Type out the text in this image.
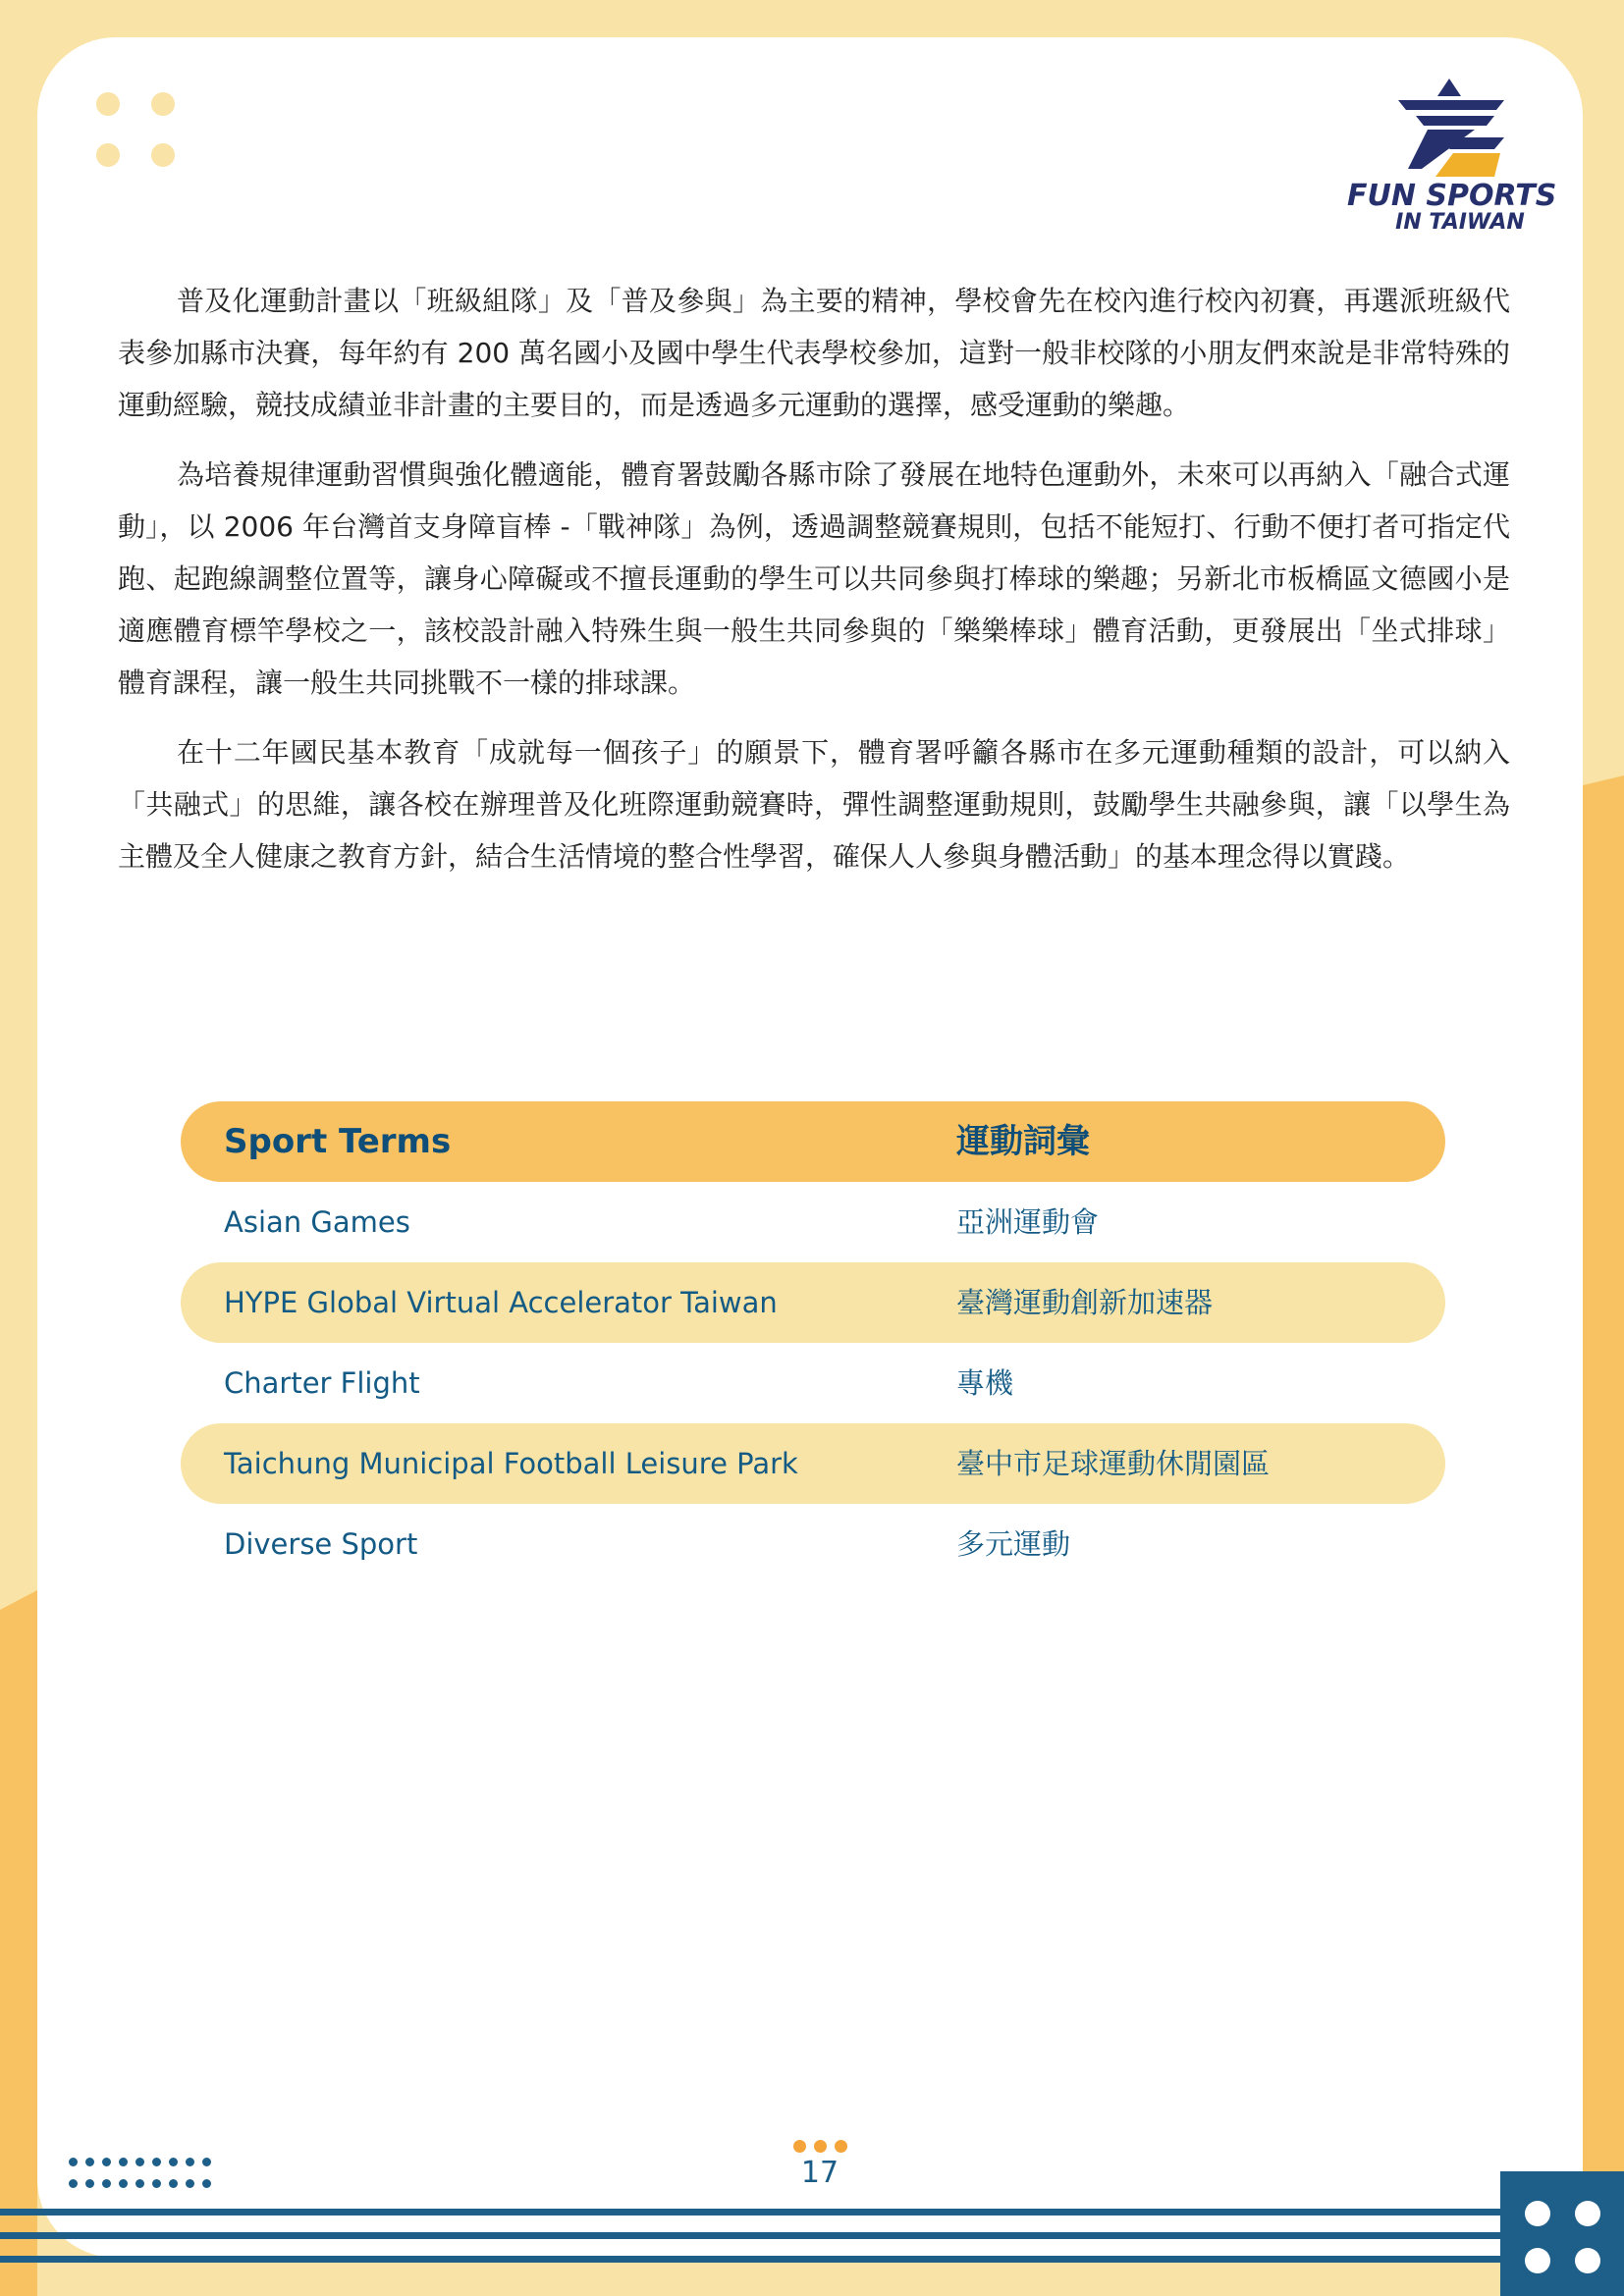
FUN SPORTS
IN TAIWAN

普及化運動計畫以「班級組隊」及「普及參與」為主要的精神，學校會先在校內進行校內初賽，再選派班級代表參加縣市決賽，每年約有 200 萬名國小及國中學生代表學校參加，這對一般非校隊的小朋友們來說是非常特殊的運動經驗，競技成績並非計畫的主要目的，而是透過多元運動的選擇，感受運動的樂趣。

為培養規律運動習慣與強化體適能，體育署鼓勵各縣市除了發展在地特色運動外，未來可以再納入「融合式運動」，以 2006 年台灣首支身障盲棒 -「戰神隊」為例，透過調整競賽規則，包括不能短打、行動不便打者可指定代跑、起跑線調整位置等，讓身心障礙或不擅長運動的學生可以共同參與打棒球的樂趣；另新北市板橋區文德國小是適應體育標竿學校之一，該校設計融入特殊生與一般生共同參與的「樂樂棒球」體育活動，更發展出「坐式排球」體育課程，讓一般生共同挑戰不一樣的排球課。

在十二年國民基本教育「成就每一個孩子」的願景下，體育署呼籲各縣市在多元運動種類的設計，可以納入「共融式」的思維，讓各校在辦理普及化班際運動競賽時，彈性調整運動規則，鼓勵學生共融參與，讓「以學生為主體及全人健康之教育方針，結合生活情境的整合性學習，確保人人參與身體活動」的基本理念得以實踐。

Sport Terms	運動詞彙
Asian Games	亞洲運動會
HYPE Global Virtual Accelerator Taiwan	臺灣運動創新加速器
Charter Flight	專機
Taichung Municipal Football Leisure Park	臺中市足球運動休閒園區
Diverse Sport	多元運動
17
